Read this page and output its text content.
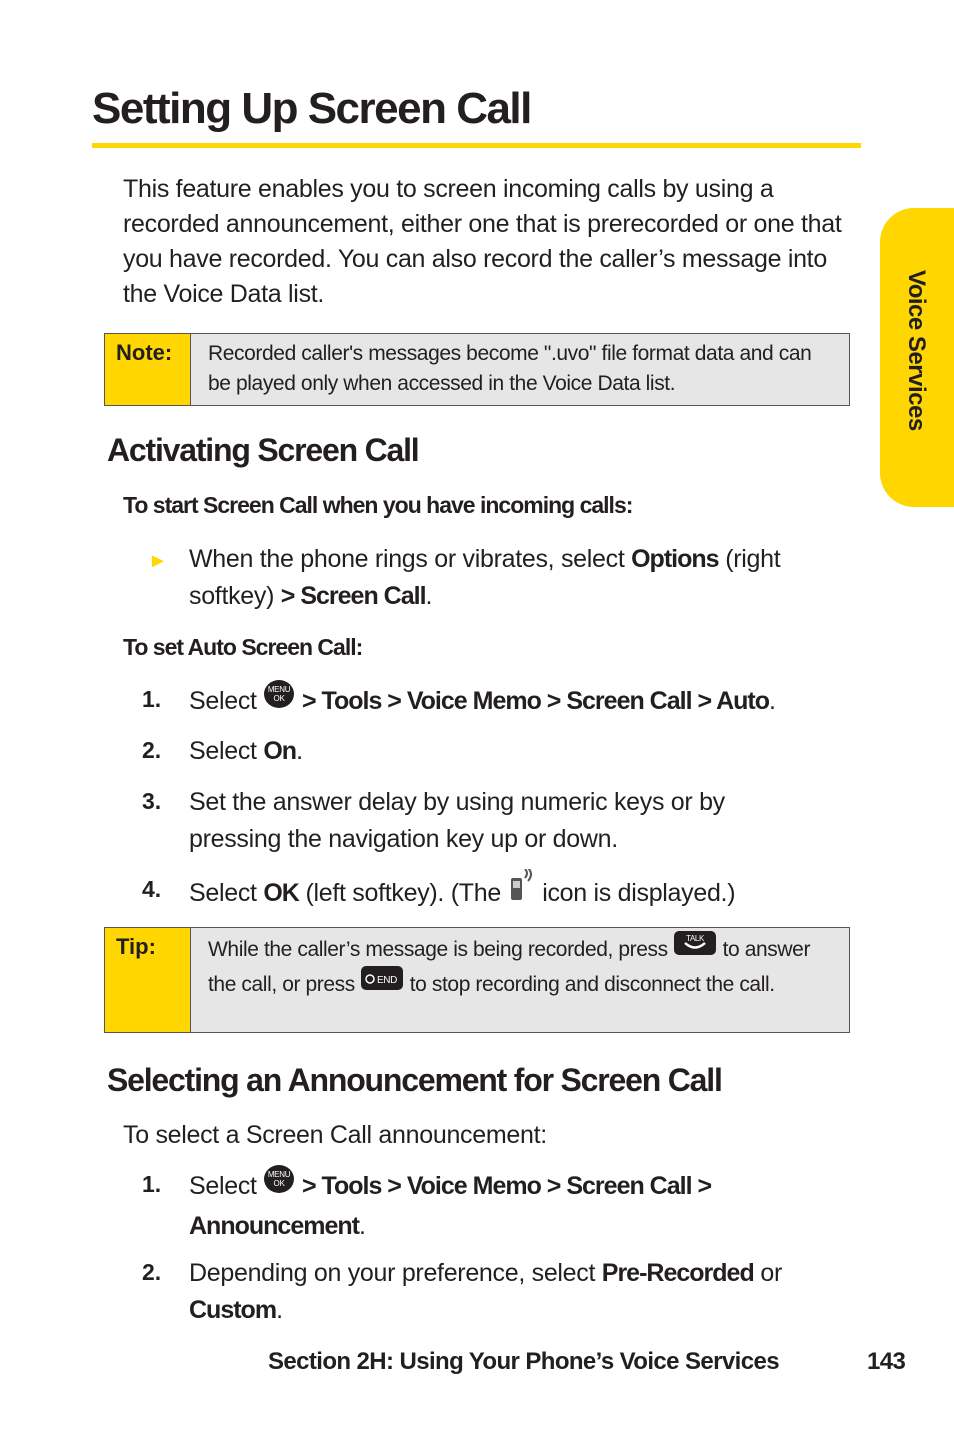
Setting Up Screen Call

This feature enables you to screen incoming calls by using a recorded announcement, either one that is prerecorded or one that you have recorded. You can also record the caller’s message into the Voice Data list.

Note:	Recorded caller's messages become ".uvo" file format data and can be played only when accessed in the Voice Data list.
Activating Screen Call
To start Screen Call when you have incoming calls:
► When the phone rings or vibrates, select Options (right softkey) > Screen Call.
To set Auto Screen Call:
1. Select MENU
OK > Tools > Voice Memo > Screen Call > Auto.
2. Select On.
3. Set the answer delay by using numeric keys or by pressing the navigation key up or down.
4. Select OK (left softkey). (The  icon is displayed.)
Tip:	While the caller’s message is being recorded, press TALK to answer the call, or press END to stop recording and disconnect the call.
Selecting an Announcement for Screen Call
To select a Screen Call announcement:
1. Select MENU
OK > Tools > Voice Memo > Screen Call > Announcement.
2. Depending on your preference, select Pre-Recorded or Custom.
Voice Services
Section 2H: Using Your Phone’s Voice Services	143
